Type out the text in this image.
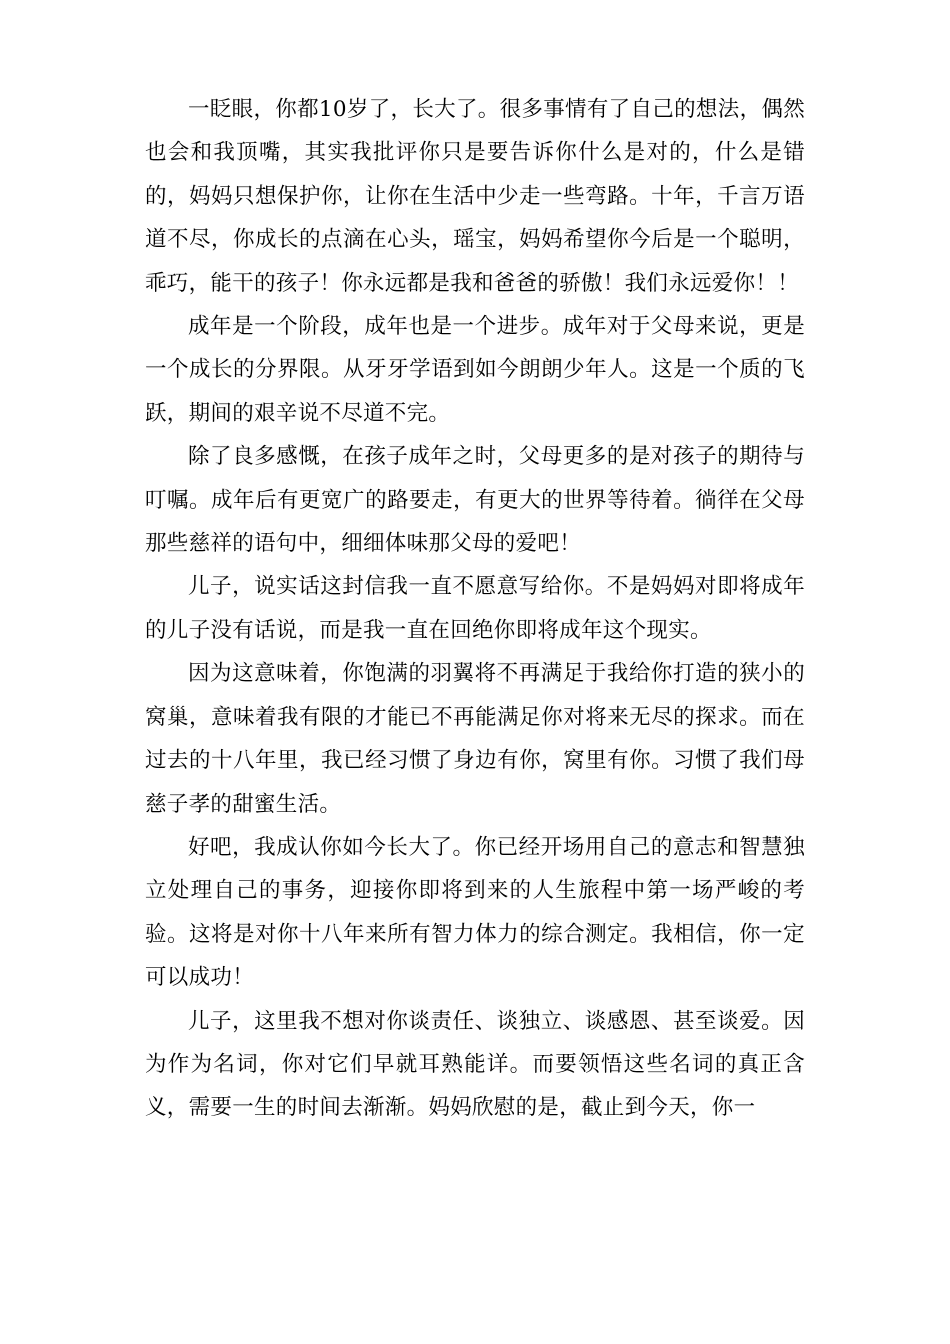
一眨眼，你都10岁了，长大了。很多事情有了自己的想法，偶然也会和我顶嘴，其实我批评你只是要告诉你什么是对的，什么是错的，妈妈只想保护你，让你在生活中少走一些弯路。十年，千言万语道不尽，你成长的点滴在心头，瑶宝，妈妈希望你今后是一个聪明，乖巧，能干的孩子！你永远都是我和爸爸的骄傲！我们永远爱你！！

成年是一个阶段，成年也是一个进步。成年对于父母来说，更是一个成长的分界限。从牙牙学语到如今朗朗少年人。这是一个质的飞跃，期间的艰辛说不尽道不完。

除了良多感慨，在孩子成年之时，父母更多的是对孩子的期待与叮嘱。成年后有更宽广的路要走，有更大的世界等待着。徜徉在父母那些慈祥的语句中，细细体味那父母的爱吧！

儿子，说实话这封信我一直不愿意写给你。不是妈妈对即将成年的儿子没有话说，而是我一直在回绝你即将成年这个现实。

因为这意味着，你饱满的羽翼将不再满足于我给你打造的狭小的窝巢，意味着我有限的才能已不再能满足你对将来无尽的探求。而在过去的十八年里，我已经习惯了身边有你，窝里有你。习惯了我们母慈子孝的甜蜜生活。

好吧，我成认你如今长大了。你已经开场用自己的意志和智慧独立处理自己的事务，迎接你即将到来的人生旅程中第一场严峻的考验。这将是对你十八年来所有智力体力的综合测定。我相信，你一定可以成功！

儿子，这里我不想对你谈责任、谈独立、谈感恩、甚至谈爱。因为作为名词，你对它们早就耳熟能详。而要领悟这些名词的真正含义，需要一生的时间去渐渐。妈妈欣慰的是，截止到今天，你一
